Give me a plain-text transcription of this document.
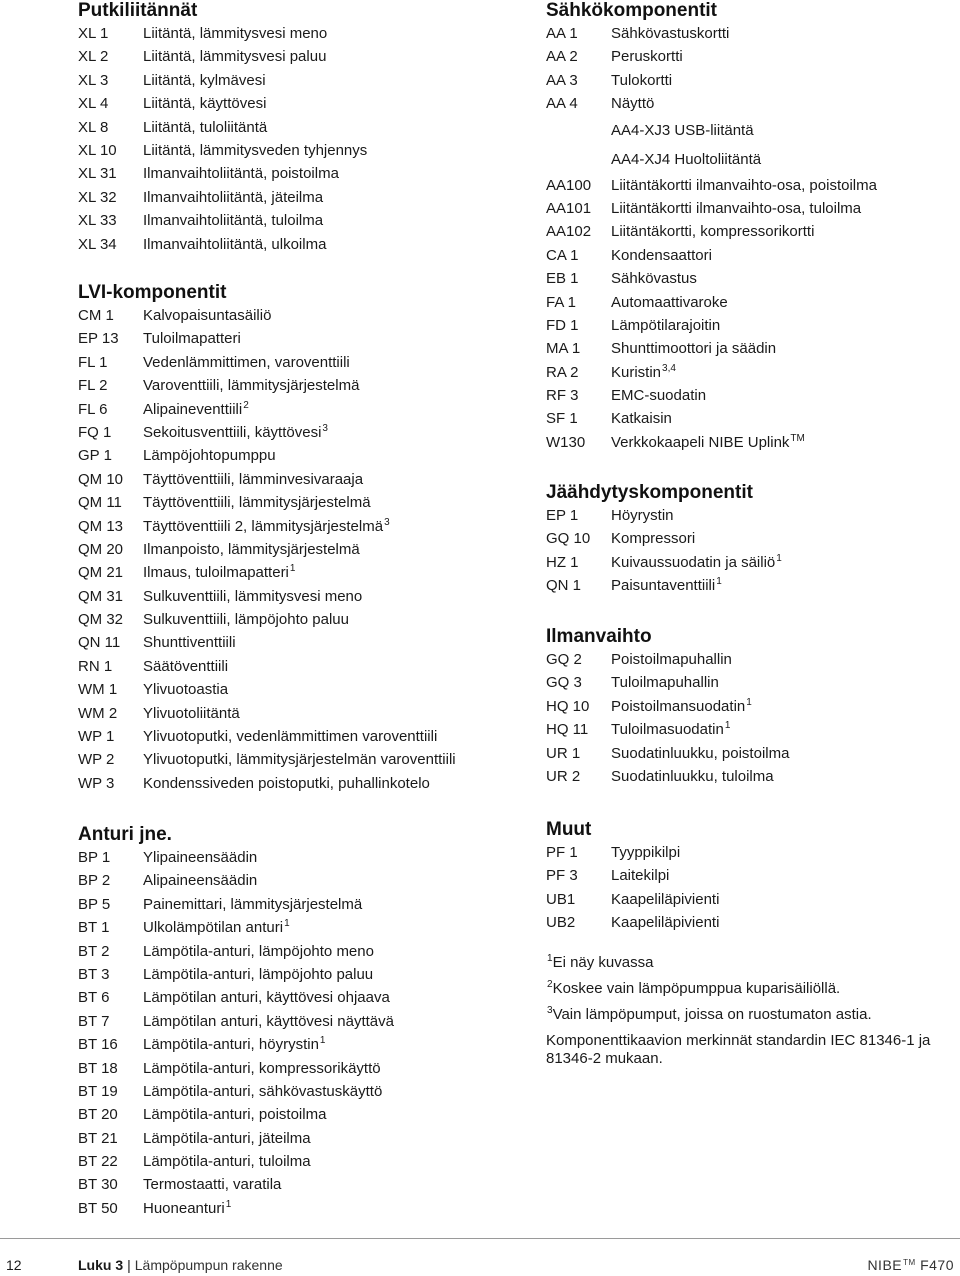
Putkiliitännät
XL 1 Liitäntä, lämmitysvesi meno
XL 2 Liitäntä, lämmitysvesi paluu
XL 3 Liitäntä, kylmävesi
XL 4 Liitäntä, käyttövesi
XL 8 Liitäntä, tuloliitäntä
XL 10 Liitäntä, lämmitysveden tyhjennys
XL 31 Ilmanvaihtoliitäntä, poistoilma
XL 32 Ilmanvaihtoliitäntä, jäteilma
XL 33 Ilmanvaihtoliitäntä, tuloilma
XL 34 Ilmanvaihtoliitäntä, ulkoilma
LVI-komponentit
CM 1 Kalvopaisuntasäiliö
EP 13 Tuloilmapatteri
FL 1 Vedenlämmittimen, varoventtiili
FL 2 Varoventtiili, lämmitysjärjestelmä
FL 6 Alipaineventtiili$^2$
FQ 1 Sekoitusventtiili, käyttövesi$^3$
GP 1 Lämpöjohtopumppu
QM 10 Täyttöventtiili, lämminvesivaraaja
QM 11 Täyttöventtiili, lämmitysjärjestelmä
QM 13 Täyttöventtiili 2, lämmitysjärjestelmä$^3$
QM 20 Ilmanpoisto, lämmitysjärjestelmä
QM 21 Ilmaus, tuloilmapatteri$^1$
QM 31 Sulkuventtiili, lämmitysvesi meno
QM 32 Sulkuventtiili, lämpöjohto paluu
QN 11 Shunttiventtiili
RN 1 Säätöventtiili
WM 1 Ylivuotoastia
WM 2 Ylivuotoliitäntä
WP 1 Ylivuotoputki, vedenlämmittimen varoventtiili
WP 2 Ylivuotoputki, lämmitysjärjestelmän varoventtiili
WP 3 Kondenssiveden poistoputki, puhallinkotelo
Anturi jne.
BP 1 Ylipaineensäädin
BP 2 Alipaineensäädin
BP 5 Painemittari, lämmitysjärjestelmä
BT 1 Ulkolämpötilan anturi$^1$
BT 2 Lämpötila-anturi, lämpöjohto meno
BT 3 Lämpötila-anturi, lämpöjohto paluu
BT 6 Lämpötilan anturi, käyttövesi ohjaava
BT 7 Lämpötilan anturi, käyttövesi näyttävä
BT 16 Lämpötila-anturi, höyrystin$^1$
BT 18 Lämpötila-anturi, kompressorikäyttö
BT 19 Lämpötila-anturi, sähkövastuskäyttö
BT 20 Lämpötila-anturi, poistoilma
BT 21 Lämpötila-anturi, jäteilma
BT 22 Lämpötila-anturi, tuloilma
BT 30 Termostaatti, varatila
BT 50 Huoneanturi$^1$
Sähkökomponentit
AA 1 Sähkövastuskortti
AA 2 Peruskortti
AA 3 Tulokortti
AA 4 Näyttö
AA4-XJ3 USB-liitäntä
AA4-XJ4 Huoltoliitäntä
AA100 Liitäntäkortti ilmanvaihto-osa, poistoilma
AA101 Liitäntäkortti ilmanvaihto-osa, tuloilma
AA102 Liitäntäkortti, kompressorikortti
CA 1 Kondensaattori
EB 1 Sähkövastus
FA 1 Automaattivaroke
FD 1 Lämpötilarajoitin
MA 1 Shunttimoottori ja säädin
RA 2 Kuristin$^{3,4}$
RF 3 EMC-suodatin
SF 1 Katkaisin
W130 Verkkokaapeli NIBE Uplink™
Jäähdytyskomponentit
EP 1 Höyrystin
GQ 10 Kompressori
HZ 1 Kuivaussuodatin ja säiliö$^1$
QN 1 Paisuntaventtiili$^1$
Ilmanvaihto
GQ 2 Poistoilmapuhallin
GQ 3 Tuloilmapuhallin
HQ 10 Poistoilmansuodatin$^1$
HQ 11 Tuloilmasuodatin$^1$
UR 1 Suodatinluukku, poistoilma
UR 2 Suodatinluukku, tuloilma
Muut
PF 1 Tyyppikilpi
PF 3 Laitekilpi
UB1 Kaapeliläpivienti
UB2 Kaapeliläpivienti

$^1$Ei näy kuvassa

$^2$Koskee vain lämpöpumppua kuparisäiliöllä.

$^3$Vain lämpöpumput, joissa on ruostumaton astia.

Komponenttikaavion merkinnät standardin IEC 81346-1 ja 81346-2 mukaan.

12	Luku 3 | Lämpöpumpun rakenne	NIBE™ F470
